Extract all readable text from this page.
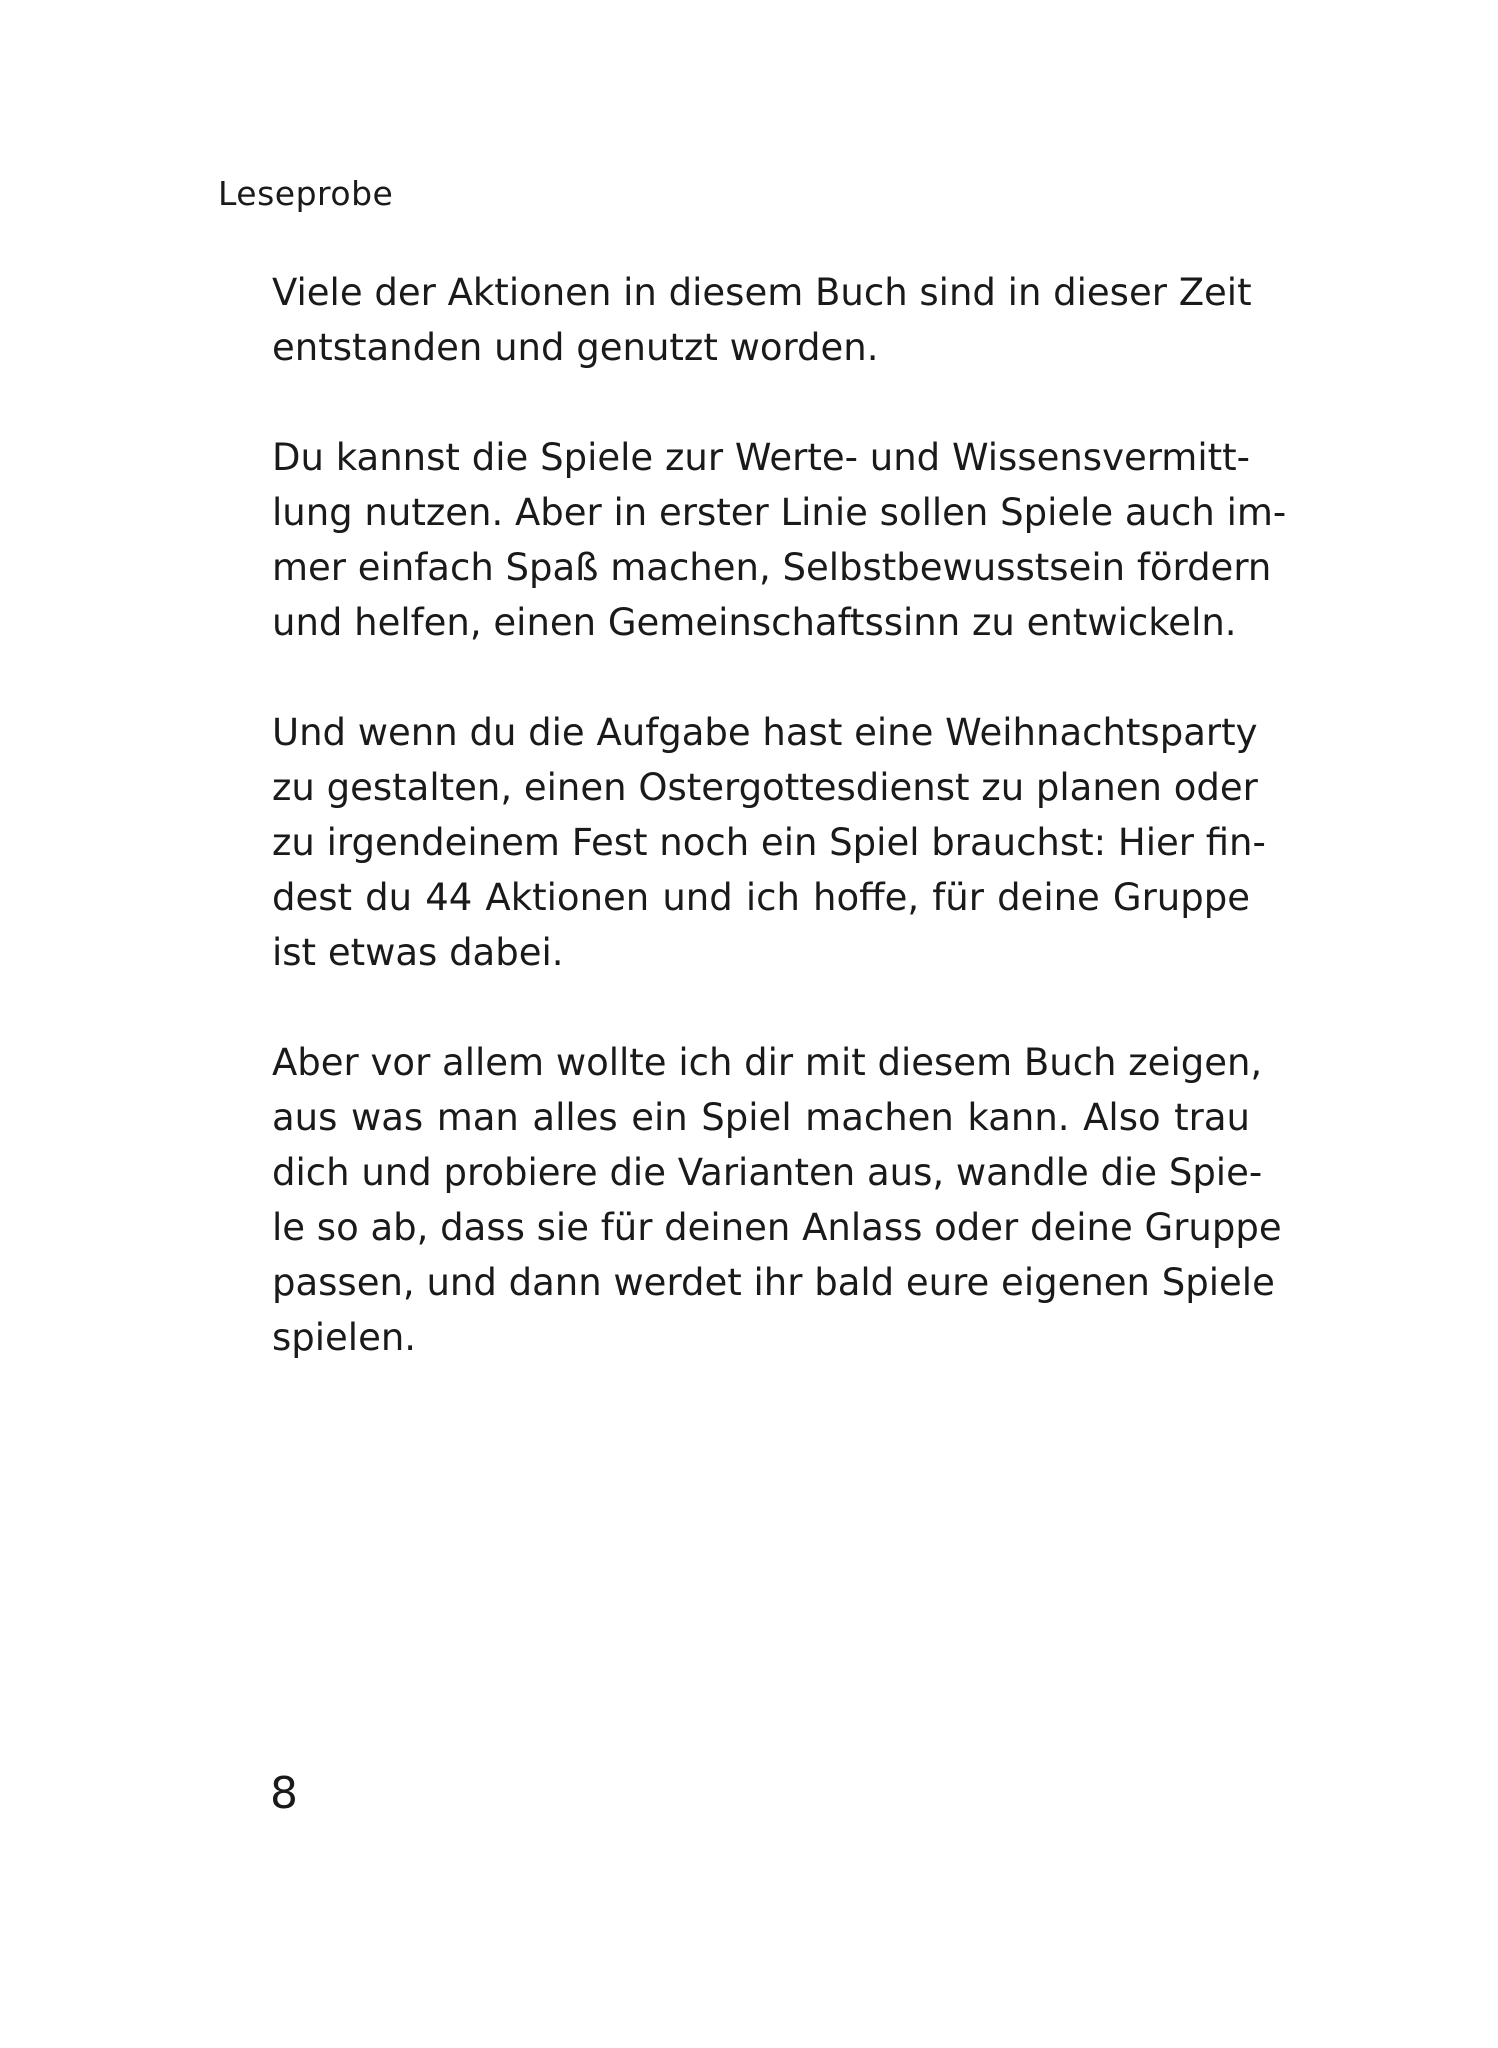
Leseprobe

Viele der Aktionen in diesem Buch sind in dieser Zeit
entstanden und genutzt worden.

Du kannst die Spiele zur Werte- und Wissensvermitt-
lung nutzen. Aber in erster Linie sollen Spiele auch im-
mer einfach Spaß machen, Selbstbewusstsein fördern
und helfen, einen Gemeinschaftssinn zu entwickeln.

Und wenn du die Aufgabe hast eine Weihnachtsparty
zu gestalten, einen Ostergottesdienst zu planen oder
zu irgendeinem Fest noch ein Spiel brauchst: Hier fin-
dest du 44 Aktionen und ich hoffe, für deine Gruppe
ist etwas dabei.

Aber vor allem wollte ich dir mit diesem Buch zeigen,
aus was man alles ein Spiel machen kann. Also trau
dich und probiere die Varianten aus, wandle die Spie-
le so ab, dass sie für deinen Anlass oder deine Gruppe
passen, und dann werdet ihr bald eure eigenen Spiele
spielen.

8
